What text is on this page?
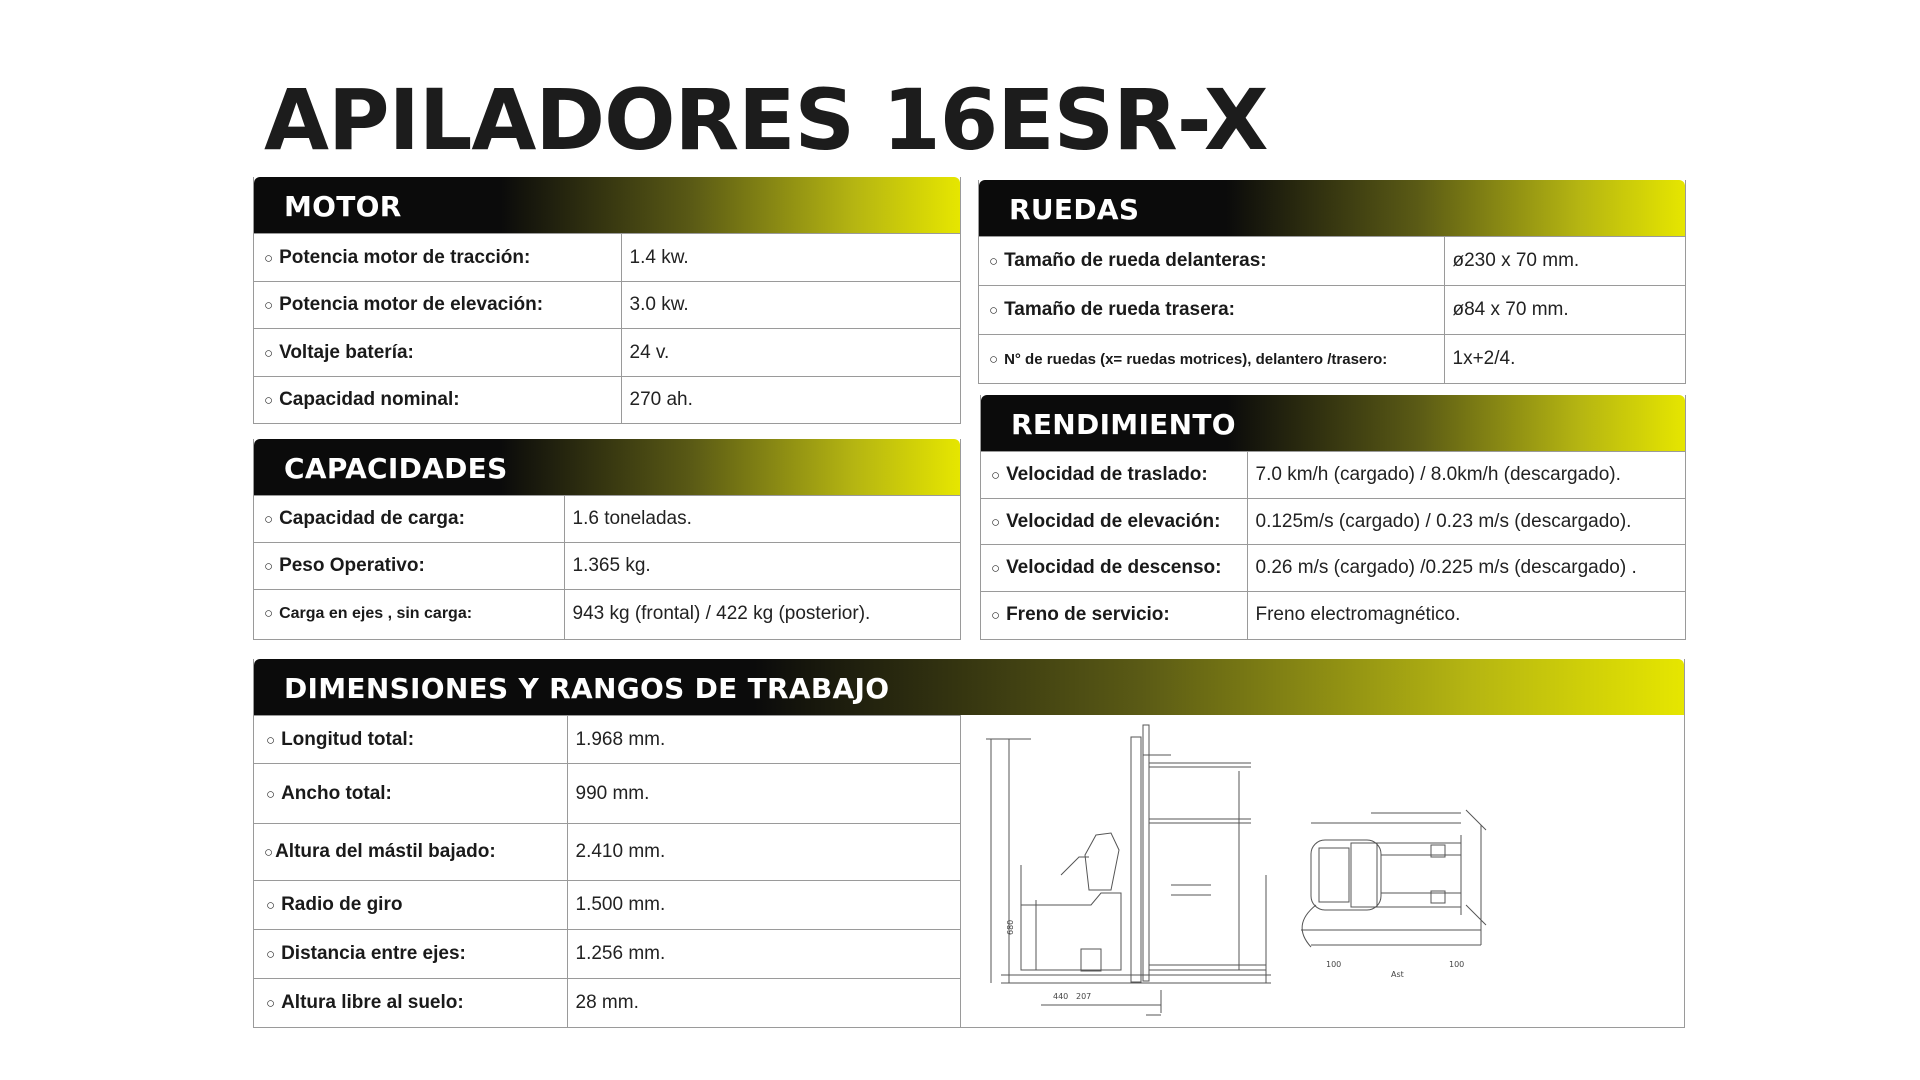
APILADORES 16ESR-X
MOTOR
○ Potencia motor de tracción:	1.4 kw.
○ Potencia motor de elevación:	3.0 kw.
○ Voltaje batería:	24 v.
○ Capacidad nominal:	270 ah.
CAPACIDADES
○ Capacidad de carga:	1.6 toneladas.
○ Peso Operativo:	1.365 kg.
○ Carga en ejes , sin carga:	943 kg (frontal) / 422 kg (posterior).
RUEDAS
○ Tamaño de rueda delanteras:	ø230 x 70 mm.
○ Tamaño de rueda trasera:	ø84 x 70 mm.
○ N° de ruedas (x= ruedas motrices), delantero /trasero:	1x+2/4.
RENDIMIENTO
○ Velocidad de traslado:	7.0 km/h (cargado) / 8.0km/h (descargado).
○ Velocidad de elevación:	0.125m/s (cargado) / 0.23 m/s (descargado).
○ Velocidad de descenso:	0.26 m/s (cargado) /0.225 m/s (descargado) .
○ Freno de servicio:	Freno electromagnético.
DIMENSIONES Y RANGOS DE TRABAJO
○ Longitud total:	1.968 mm.
○ Ancho total:	990 mm.
○ Altura del mástil bajado:	2.410 mm.
○ Radio de giro	1.500 mm.
○ Distancia entre ejes:	1.256 mm.
○ Altura libre al suelo:	28 mm.	440 207
680
100	100
Ast
